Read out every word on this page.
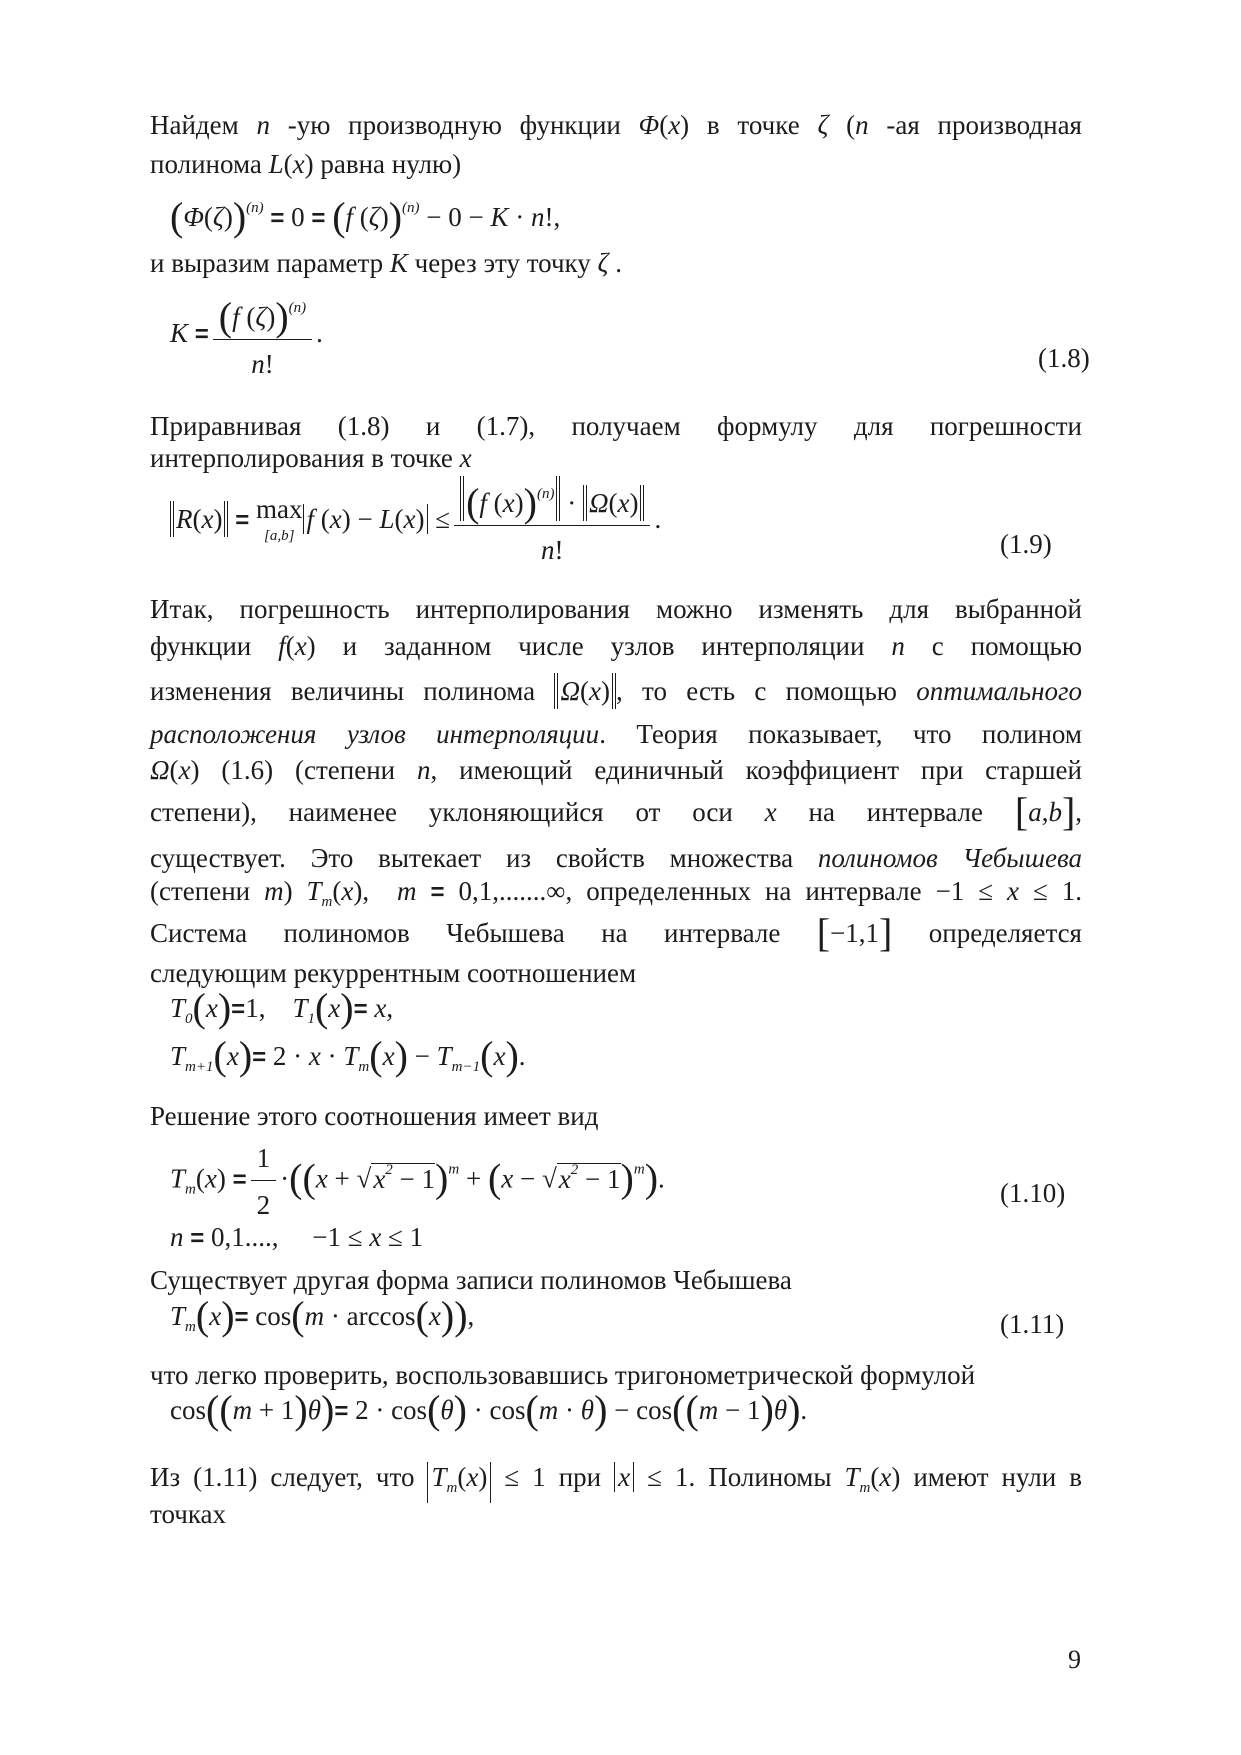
Найдем n -ую производную функции Φ(x) в точке ζ (n -ая производная
полинома L(x) равна нулю)
$(\Phi(\zeta))^{(n)} = 0 = (f$ (ζ))$^{(n)}$ − 0 − K · n!,
и выразим параметр K через эту точку ζ .
$K = \frac{(f (\zeta))^{(n)}}{n!}$ .
(1.8)
Приравнивая (1.8) и (1.7), получаем формулу для погрешности
интерполирования в точке x
R(x) = max
[a,b]f $(x) - L(x) \le \frac{(f (x))^{(n)} \cdot \Omega(x)}{n!}$ .
(1.9)
Итак, погрешность интерполирования можно изменять для выбранной
функции f(x) и заданном числе узлов интерполяции n с помощью
изменения величины полинома Ω(x) , то есть с помощью оптимального
расположения узлов интерполяции. Теория показывает, что полином
Ω(x) (1.6) (степени n, имеющий единичный коэффициент при старшей
степени), наименее уклоняющийся от оси x на интервале [a,b],
существует. Это вытекает из свойств множества полиномов Чебышева
(степени m) $T_m(x)$,  m = 0,1,.......∞, определенных на интервале −1 ≤ x ≤ 1.
Система полиномов Чебышева на интервале [−1,1] определяется
следующим рекуррентным соотношением
$T_0(x)=1$,    $T_1(x)= x$,
$T_{m+1}(x)= 2 \cdot x \cdot T_m(x) - T_{m-1}(x)$.
Решение этого соотношения имеет вид
$T_m(x) = \frac{1}{2} \cdot((x + √x^2 - 1)^m + (x - √x^2 - 1)^m)$.	(1.10)
n = 0,1....,     −1 ≤ x ≤ 1
Существует другая форма записи полиномов Чебышева
$T_m(x)= \cos(m \cdot \arccos(x))$,	(1.11)
что легко проверить, воспользовавшись тригонометрической формулой
cos((m + 1)θ)= 2 · cos(θ) · cos(m · θ) − cos((m − 1)θ).
Из (1.11) следует, что $T_m(x) \le 1$ при x ≤ 1. Полиномы $T_m(x)$ имеют нули в
точках
9
